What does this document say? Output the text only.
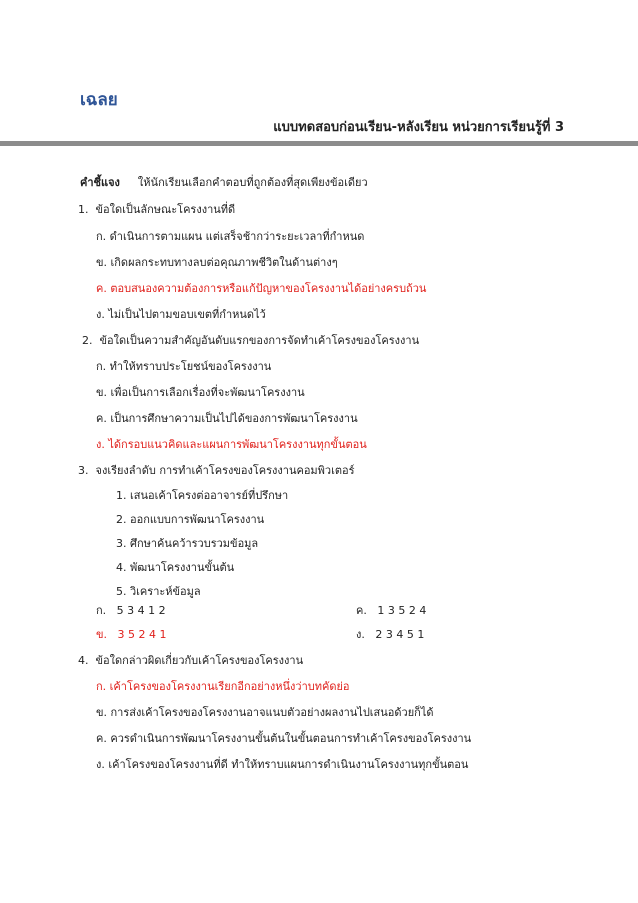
เฉลย
แบบทดสอบก่อนเรียน-หลังเรียน หน่วยการเรียนรู้ที่ 3
คำชี้แจง ให้นักเรียนเลือกคำตอบที่ถูกต้องที่สุดเพียงข้อเดียว
1. ข้อใดเป็นลักษณะโครงงานที่ดี
ก. ดำเนินการตามแผน แต่เสร็จช้ากว่าระยะเวลาที่กำหนด
ข. เกิดผลกระทบทางลบต่อคุณภาพชีวิตในด้านต่างๆ
ค. ตอบสนองความต้องการหรือแก้ปัญหาของโครงงานได้อย่างครบถ้วน
ง. ไม่เป็นไปตามขอบเขตที่กำหนดไว้
2. ข้อใดเป็นความสำคัญอันดับแรกของการจัดทำเค้าโครงของโครงงาน
ก. ทำให้ทราบประโยชน์ของโครงงาน
ข. เพื่อเป็นการเลือกเรื่องที่จะพัฒนาโครงงาน
ค. เป็นการศึกษาความเป็นไปได้ของการพัฒนาโครงงาน
ง. ได้กรอบแนวคิดและแผนการพัฒนาโครงงานทุกขั้นตอน
3. จงเรียงลำดับ การทำเค้าโครงของโครงงานคอมพิวเตอร์
1. เสนอเค้าโครงต่ออาจารย์ที่ปรึกษา
2. ออกแบบการพัฒนาโครงงาน
3. ศึกษาค้นคว้ารวบรวมข้อมูล
4. พัฒนาโครงงานขั้นต้น
5. วิเคราะห์ข้อมูล
ก. 5 3 4 1 2	ค. 1 3 5 2 4
ข. 3 5 2 4 1	ง. 2 3 4 5 1
4. ข้อใดกล่าวผิดเกี่ยวกับเค้าโครงของโครงงาน
ก. เค้าโครงของโครงงานเรียกอีกอย่างหนึ่งว่าบทคัดย่อ
ข. การส่งเค้าโครงของโครงงานอาจแนบตัวอย่างผลงานไปเสนอด้วยก็ได้
ค. ควรดำเนินการพัฒนาโครงงานขั้นต้นในขั้นตอนการทำเค้าโครงของโครงงาน
ง. เค้าโครงของโครงงานที่ดี ทำให้ทราบแผนการดำเนินงานโครงงานทุกขั้นตอน
